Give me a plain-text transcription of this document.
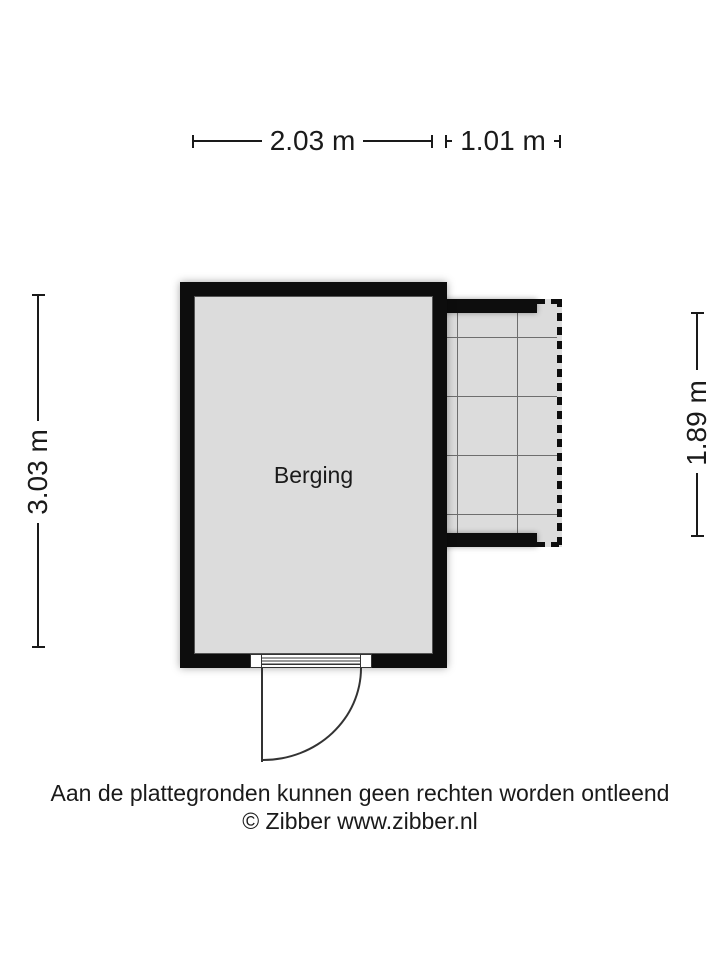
2.03 m	1.01 m
3.03 m
1.89 m
Berging
Aan de plattegronden kunnen geen rechten worden ontleend
© Zibber www.zibber.nl
